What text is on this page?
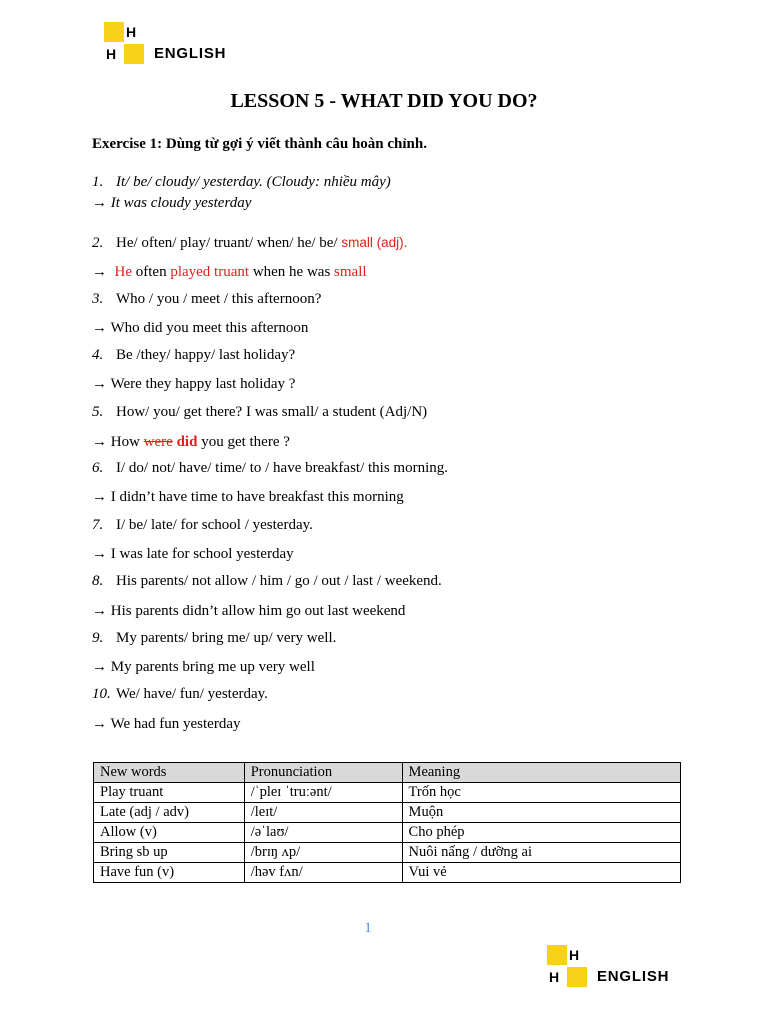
H
H	ENGLISH
LESSON 5 - WHAT DID YOU DO?
Exercise 1: Dùng từ gợi ý viết thành câu hoàn chỉnh.
1. It/ be/ cloudy/ yesterday. (Cloudy: nhiều mây)
→ It was cloudy yesterday
2. He/ often/ play/ truant/ when/ he/ be/ small (adj).
→ He often played truant when he was small
3. Who / you / meet / this afternoon?
→ Who did you meet this afternoon
4. Be /they/ happy/ last holiday?
→ Were they happy last holiday ?
5. How/ you/ get there? I was small/ a student (Adj/N)
→ How were did you get there ?
6. I/ do/ not/ have/ time/ to / have breakfast/ this morning.
→ I didn’t have time to have breakfast this morning
7. I/ be/ late/ for school / yesterday.
→ I was late for school yesterday
8. His parents/ not allow / him / go / out / last / weekend.
→ His parents didn’t allow him go out last weekend
9. My parents/ bring me/ up/ very well.
→ My parents bring me up very well
10. We/ have/ fun/ yesterday.
→ We had fun yesterday
New words	Pronunciation	Meaning
Play truant	/ˈpleɪ ˈtruːənt/	Trốn học
Late (adj / adv)	/leɪt/	Muộn
Allow (v)	/əˈlaʊ/	Cho phép
Bring sb up	/brɪŋ ʌp/	Nuôi nấng / dưỡng ai
Have fun (v)	/həv fʌn/	Vui vẻ
1
H
H	ENGLISH
